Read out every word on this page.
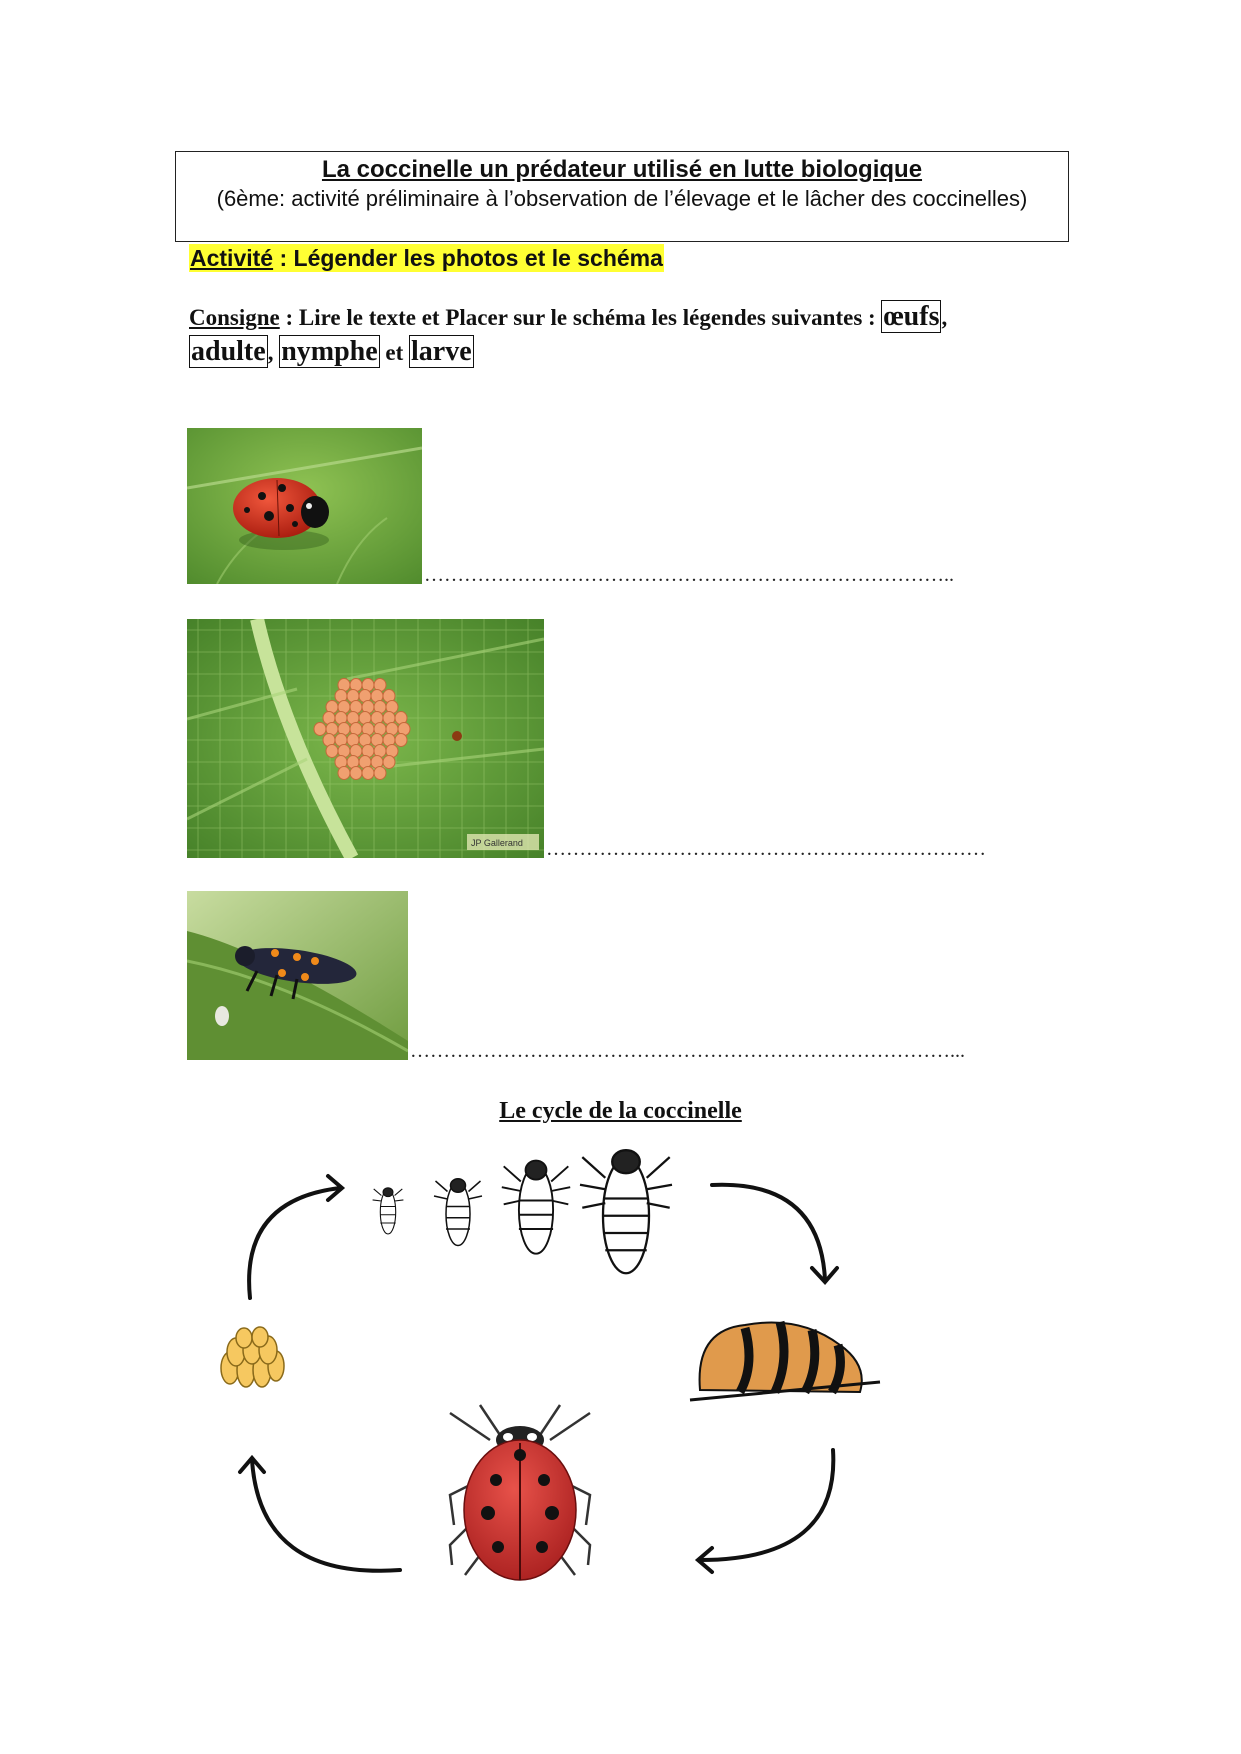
La coccinelle un prédateur utilisé en lutte biologique
(6ème: activité préliminaire à l’observation de l’élevage et le lâcher des coccinelles)
Activité : Légender les photos et le schéma
Consigne : Lire le texte et Placer sur le schéma les légendes suivantes : œufs,
adulte, nymphe et larve
……………………………………………………………………..
JP Gallerand …………………………………………………………
………………………………………………………………………...
Le cycle de la coccinelle
